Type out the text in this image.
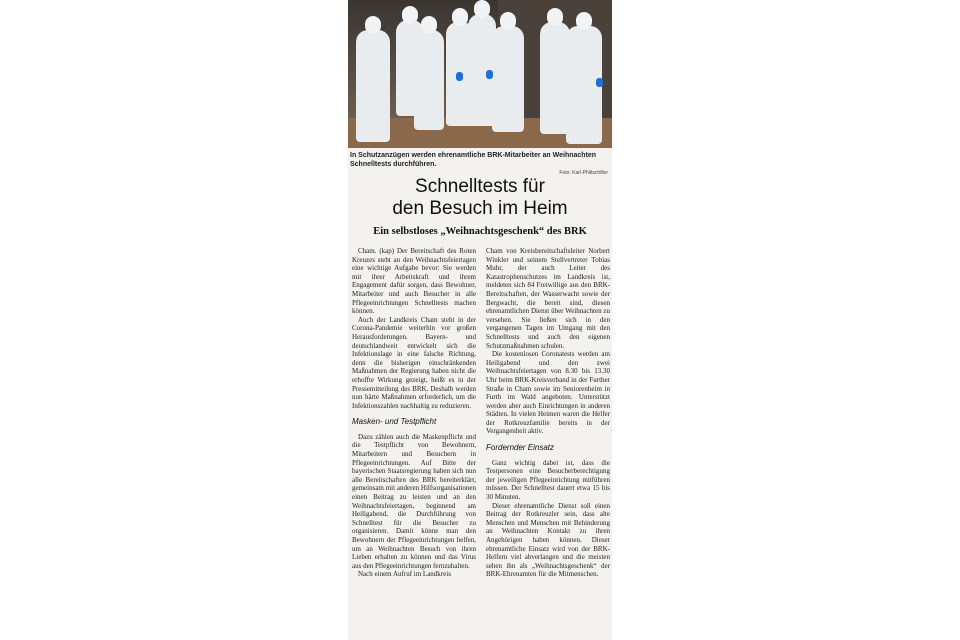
In Schutzanzügen werden ehrenamtliche BRK-Mitarbeiter an Weihnachten Schnelltests durchführen.
Foto: Karl-Philtschiller
Schnelltests für
den Besuch im Heim
Ein selbstloses „Weihnachtsgeschenk“ des BRK

Cham. (kap) Der Bereitschaft des Roten Kreuzes steht an den Weihnachtsfeiertagen eine wichtige Aufgabe bevor: Sie werden mit ihrer Arbeitskraft und ihrem Engagement dafür sorgen, dass Bewohner, Mitarbeiter und auch Besucher in alle Pflegeeinrichtungen Schnelltests machen können.

Auch der Landkreis Cham steht in der Corona-Pandemie weiterhin vor großen Herausforderungen. Bayern- und deutschlandweit entwickelt sich die Infektionslage in eine falsche Richtung, denn die bisherigen einschränkenden Maßnahmen der Regierung haben nicht die erhoffte Wirkung gezeigt, heißt es in der Pressemitteilung des BRK. Deshalb werden nun härte Maßnahmen erforderlich, um die Infektionszahlen nachhaltig zu reduzieren.

Masken- und Testpflicht

Dazu zählen auch die Maskenpflicht und die Testpflicht von Bewohnern, Mitarbeitern und Besuchern in Pflegeeinrichtungen. Auf Bitte der bayerischen Staatsregierung haben sich nun alle Bereitschaften des BRK bereiterklärt, gemeinsam mit anderen Hilfsorganisationen einen Beitrag zu leisten und an den Weihnachtsfeiertagen, beginnend am Heiligabend, die Durchführung von Schnelltest für die Besucher zu organisieren. Damit könne man den Bewohnern der Pflegeeinrichtungen helfen, um an Weihnachten Besuch von ihren Lieben erhalten zu können und das Virus aus den Pflegeeinrichtungen fernzuhalten.

Nach einem Aufruf im Landkreis

Cham von Kreisbereitschaftsleiter Norbert Winkler und seinem Stellvertreter Tobias Muhr, der auch Leiter des Katastrophenschutzes im Landkreis ist, meldeten sich 84 Freiwillige aus den BRK-Bereitschaften, der Wasserwacht sowie der Bergwacht, die bereit sind, diesen ehrenamtlichen Dienst über Weihnachten zu versehen. Sie ließen sich in den vergangenen Tagen im Umgang mit den Schnelltests und auch den eigenen Schutzmaßnahmen schulen.

Die kostenlosen Coronatests werden am Heiligabend und den zwei Weihnachtsfeiertagen von 8.30 bis 13.30 Uhr beim BRK-Kreisverband in der Further Straße in Cham sowie im Seniorenheim in Furth im Wald angeboten. Unterstützt werden aber auch Einrichtungen in anderen Städten. In vielen Heimen waren die Helfer der Rotkreuzfamilie bereits in der Vergangenheit aktiv.

Fordernder Einsatz

Ganz wichtig dabei ist, dass die Testpersonen eine Besucherberechtigung der jeweiligen Pflegeeinrichtung mitführen müssen. Der Schnelltest dauert etwa 15 bis 30 Minuten.

Dieser ehrenamtliche Dienst soll einen Beitrag der Rotkreuzler sein, dass alte Menschen und Menschen mit Behinderung an Weihnachten Kontakt zu ihren Angehörigen haben können. Dieser ehrenamtliche Einsatz wird von der BRK-Helfern viel abverlangen und die meisten sehen ihn als „Weihnachtsgeschenk“ der BRK-Ehrenamten für die Mitmenschen.
